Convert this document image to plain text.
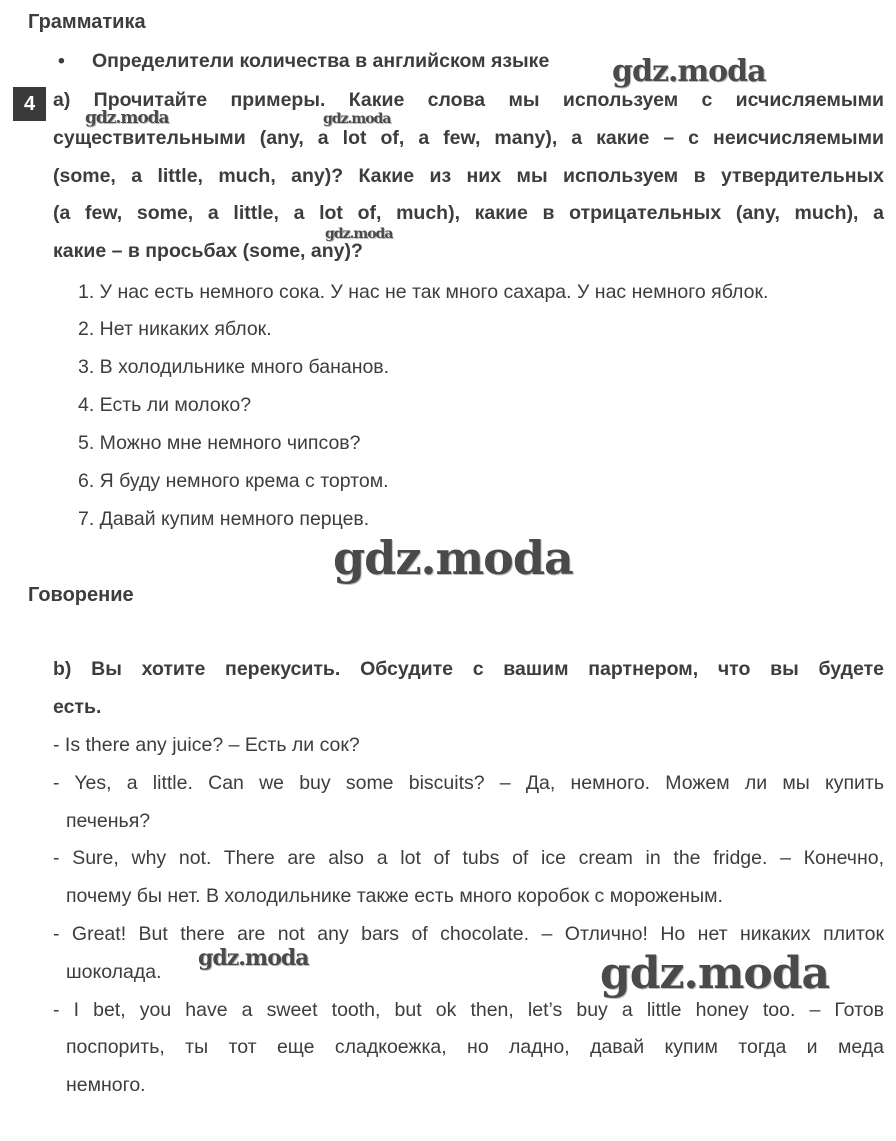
Грамматика
• Определители количества в английском языке
4 a) Прочитайте примеры. Какие слова мы используем с исчисляемыми
существительными (any, a lot of, a few, many), а какие – с неисчисляемыми
(some, a little, much, any)? Какие из них мы используем в утвердительных
(a few, some, a little, a lot of, much), какие в отрицательных (any, much), а
какие – в просьбах (some, any)?
1. У нас есть немного сока. У нас не так много сахара. У нас немного яблок.
2. Нет никаких яблок.
3. В холодильнике много бананов.
4. Есть ли молоко?
5. Можно мне немного чипсов?
6. Я буду немного крема с тортом.
7. Давай купим немного перцев.
Говорение
b) Вы хотите перекусить. Обсудите с вашим партнером, что вы будете
есть.
- Is there any juice? – Есть ли сок?
- Yes, a little. Can we buy some biscuits? – Да, немного. Можем ли мы купить
печенья?
- Sure, why not. There are also a lot of tubs of ice cream in the fridge. – Конечно,
почему бы нет. В холодильнике также есть много коробок с мороженым.
- Great! But there are not any bars of chocolate. – Отлично! Но нет никаких плиток
шоколада.
- I bet, you have a sweet tooth, but ok then, let’s buy a little honey too. – Готов
поспорить, ты тот еще сладкоежка, но ладно, давай купим тогда и меда
немного.
gdz.moda
gdz.moda	gdz.moda
gdz.moda
gdz.moda
gdz.moda	gdz.moda
